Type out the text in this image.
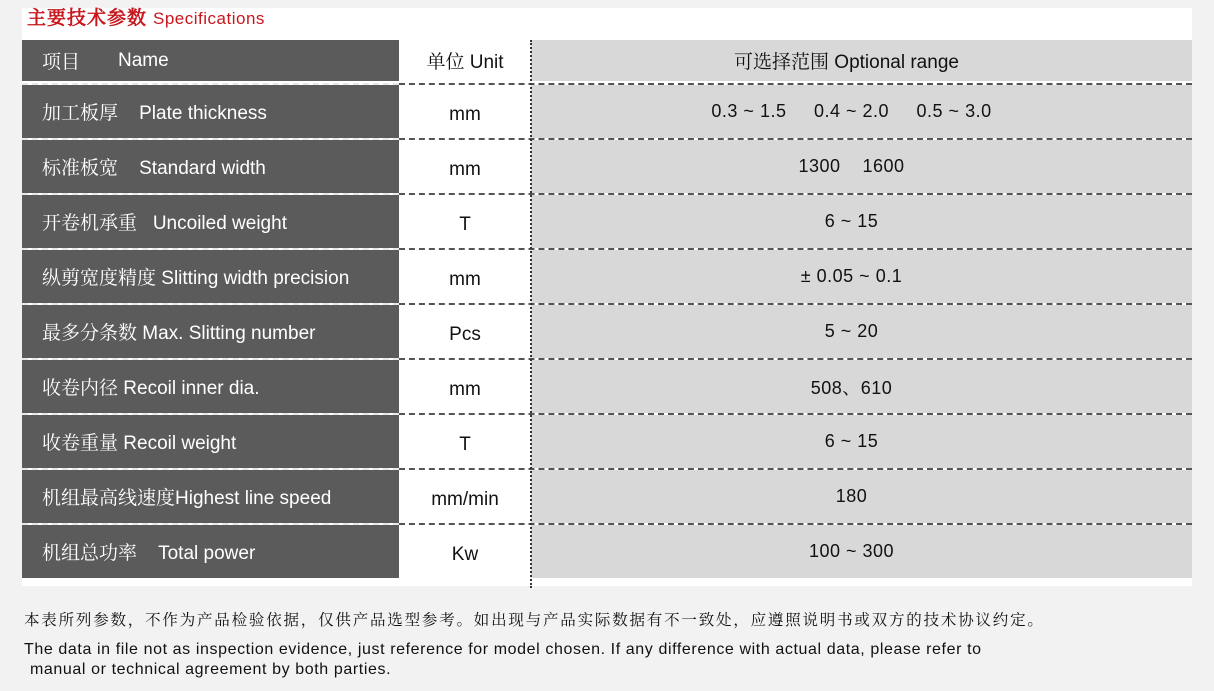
主要技术参数 Specifications
项目 Name	单位 Unit	可选择范围 Optional range
加工板厚    Plate thickness	mm	0.3 ~ 1.5     0.4 ~ 2.0     0.5 ~ 3.0
标准板宽    Standard width	mm	1300    1600
开卷机承重   Uncoiled weight	T	6 ~ 15
纵剪宽度精度 Slitting width precision	mm	± 0.05 ~ 0.1
最多分条数 Max. Slitting number	Pcs	5 ~ 20
收卷内径 Recoil inner dia.	mm	508、610
收卷重量 Recoil weight	T	6 ~ 15
机组最高线速度Highest line speed	mm/min	180
机组总功率    Total power	Kw	100 ~ 300
本表所列参数，不作为产品检验依据，仅供产品选型参考。如出现与产品实际数据有不一致处，应遵照说明书或双方的技术协议约定。
The data in file not as inspection evidence, just reference for model chosen. If any difference with actual data, please refer to
manual or technical agreement by both parties.
